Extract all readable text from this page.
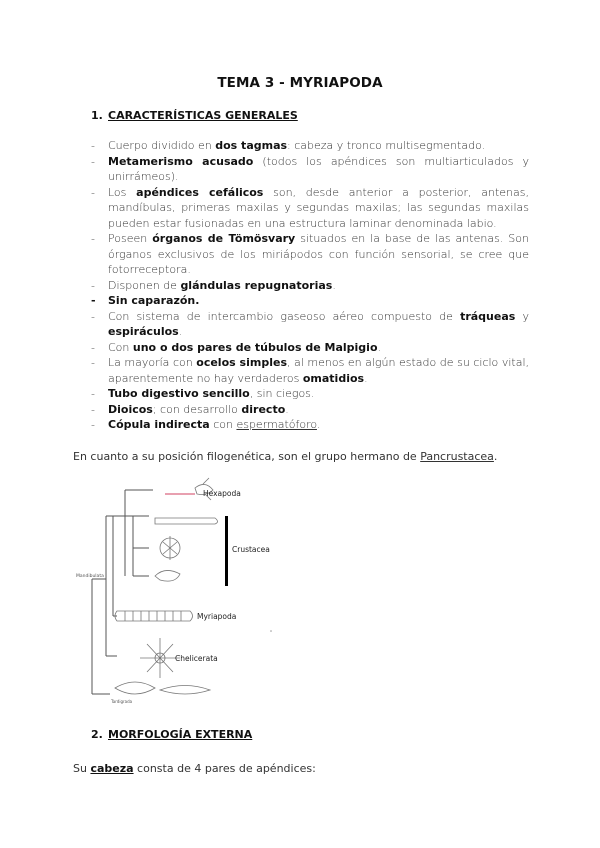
TEMA 3 - MYRIAPODA
1. CARACTERÍSTICAS GENERALES
- Cuerpo dividido en dos tagmas: cabeza y tronco multisegmentado.
- Metamerismo acusado (todos los apéndices son multiarticulados y unirrámeos).
- Los apéndices cefálicos son, desde anterior a posterior, antenas, mandíbulas, primeras maxilas y segundas maxilas; las segundas maxilas pueden estar fusionadas en una estructura laminar denominada labio.
- Poseen órganos de Tömösvary situados en la base de las antenas. Son órganos exclusivos de los miriápodos con función sensorial, se cree que fotorreceptora.
- Disponen de glándulas repugnatorias.
- Sin caparazón.
- Con sistema de intercambio gaseoso aéreo compuesto de tráqueas y espiráculos.
- Con uno o dos pares de túbulos de Malpigio.
- La mayoría con ocelos simples, al menos en algún estado de su ciclo vital, aparentemente no hay verdaderos omatidios.
- Tubo digestivo sencillo, sin ciegos.
- Dioicos; con desarrollo directo.
- Cópula indirecta con espermatóforo.
En cuanto a su posición filogenética, son el grupo hermano de Pancrustacea.
Hexapoda
Crustacea
Myriapoda
Chelicerata
Mandibulata
Tardigrada
2. MORFOLOGÍA EXTERNA
Su cabeza consta de 4 pares de apéndices:
